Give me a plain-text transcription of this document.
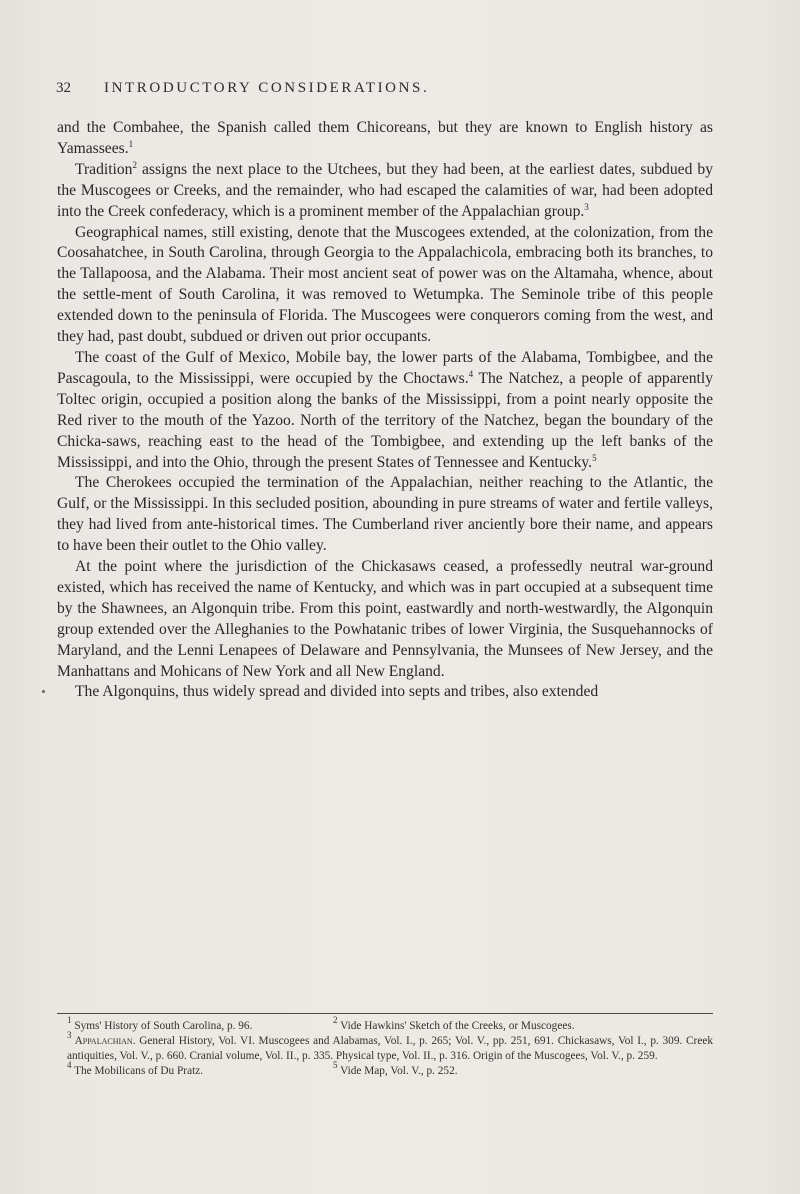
32 INTRODUCTORY CONSIDERATIONS.

and the Combahee, the Spanish called them Chicoreans, but they are known to English history as Yamassees.$^1$

Tradition$^2$ assigns the next place to the Utchees, but they had been, at the earliest dates, subdued by the Muscogees or Creeks, and the remainder, who had escaped the calamities of war, had been adopted into the Creek confederacy, which is a prominent member of the Appalachian group.$^3$

Geographical names, still existing, denote that the Muscogees extended, at the colonization, from the Coosahatchee, in South Carolina, through Georgia to the Appalachicola, embracing both its branches, to the Tallapoosa, and the Alabama. Their most ancient seat of power was on the Altamaha, whence, about the settle-ment of South Carolina, it was removed to Wetumpka. The Seminole tribe of this people extended down to the peninsula of Florida. The Muscogees were conquerors coming from the west, and they had, past doubt, subdued or driven out prior occupants.

The coast of the Gulf of Mexico, Mobile bay, the lower parts of the Alabama, Tombigbee, and the Pascagoula, to the Mississippi, were occupied by the Choctaws.$^4$ The Natchez, a people of apparently Toltec origin, occupied a position along the banks of the Mississippi, from a point nearly opposite the Red river to the mouth of the Yazoo. North of the territory of the Natchez, began the boundary of the Chicka-saws, reaching east to the head of the Tombigbee, and extending up the left banks of the Mississippi, and into the Ohio, through the present States of Tennessee and Kentucky.$^5$

The Cherokees occupied the termination of the Appalachian, neither reaching to the Atlantic, the Gulf, or the Mississippi. In this secluded position, abounding in pure streams of water and fertile valleys, they had lived from ante-historical times. The Cumberland river anciently bore their name, and appears to have been their outlet to the Ohio valley.

At the point where the jurisdiction of the Chickasaws ceased, a professedly neutral war-ground existed, which has received the name of Kentucky, and which was in part occupied at a subsequent time by the Shawnees, an Algonquin tribe. From this point, eastwardly and north-westwardly, the Algonquin group extended over the Alleghanies to the Powhatanic tribes of lower Virginia, the Susquehannocks of Maryland, and the Lenni Lenapees of Delaware and Pennsylvania, the Munsees of New Jersey, and the Manhattans and Mohicans of New York and all New England.

The Algonquins, thus widely spread and divided into septs and tribes, also extended

$^1$ Syms' History of South Carolina, p. 96.	$^2$ Vide Hawkins' Sketch of the Creeks, or Muscogees.

$^3$ Appalachian. General History, Vol. VI. Muscogees and Alabamas, Vol. I., p. 265; Vol. V., pp. 251, 691. Chickasaws, Vol I., p. 309. Creek antiquities, Vol. V., p. 660. Cranial volume, Vol. II., p. 335. Physical type, Vol. II., p. 316. Origin of the Muscogees, Vol. V., p. 259.

$^4$ The Mobilicans of Du Pratz.	$^5$ Vide Map, Vol. V., p. 252.
